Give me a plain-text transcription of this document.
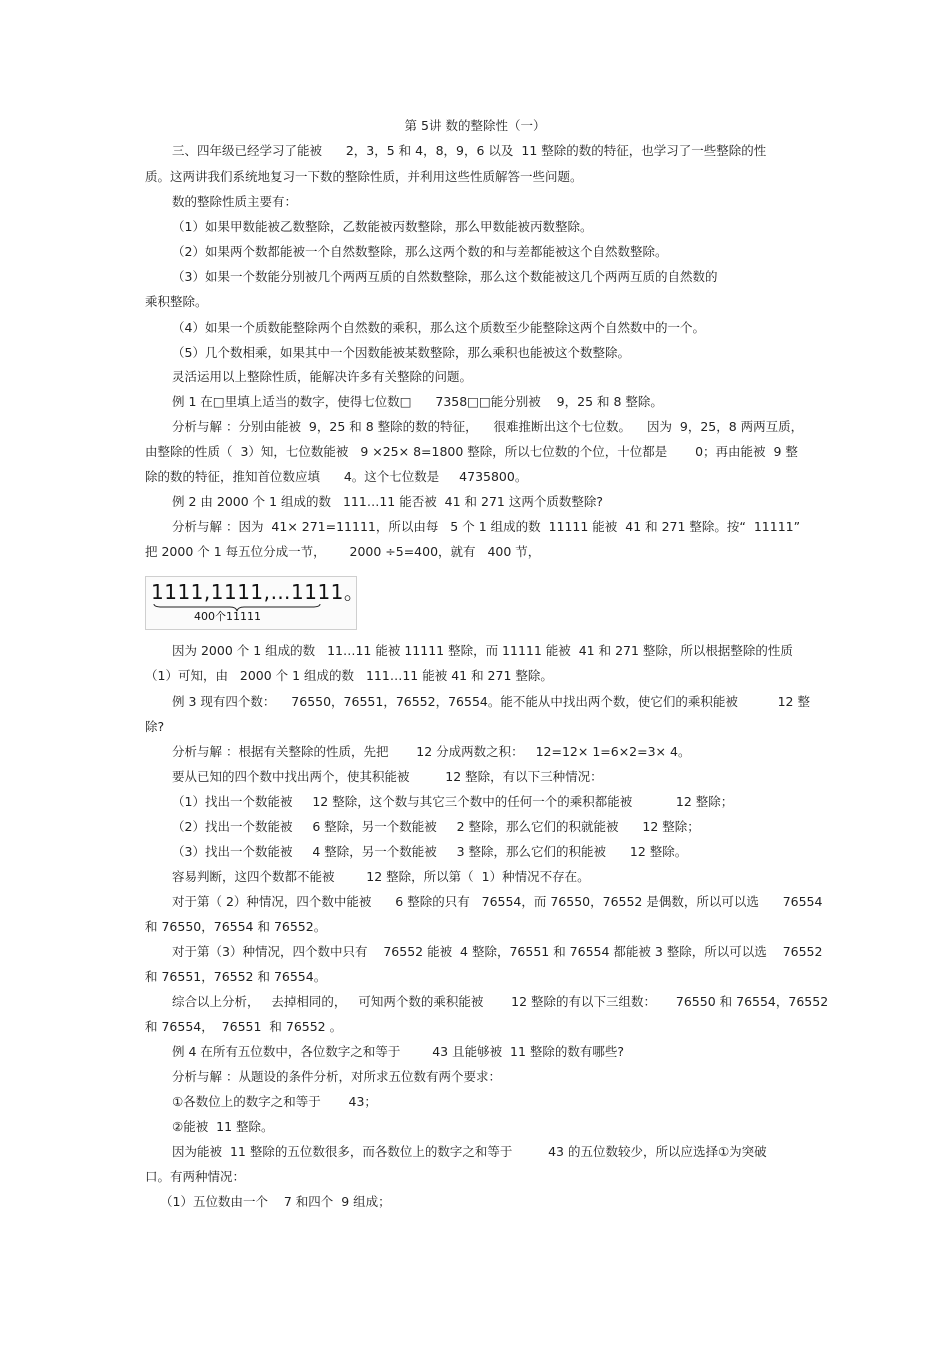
第 5讲 数的整除性（一）
三、四年级已经学习了能被      2，3，5 和 4，8，9，6 以及  11 整除的数的特征，也学习了一些整除的性
质。这两讲我们系统地复习一下数的整除性质，并利用这些性质解答一些问题。
数的整除性质主要有：
（1）如果甲数能被乙数整除，乙数能被丙数整除，那么甲数能被丙数整除。
（2）如果两个数都能被一个自然数整除，那么这两个数的和与差都能被这个自然数整除。
（3）如果一个数能分别被几个两两互质的自然数整除，那么这个数能被这几个两两互质的自然数的
乘积整除。
（4）如果一个质数能整除两个自然数的乘积，那么这个质数至少能整除这两个自然数中的一个。
（5）几个数相乘，如果其中一个因数能被某数整除，那么乘积也能被这个数整除。
灵活运用以上整除性质，能解决许多有关整除的问题。
例 1 在□里填上适当的数字，使得七位数□      7358□□能分别被    9，25 和 8 整除。
分析与解 ：分别由能被  9，25 和 8 整除的数的特征，    很难推断出这个七位数。    因为  9，25，8 两两互质，
由整除的性质（  3）知，七位数能被   9 ×25× 8=1800 整除，所以七位数的个位，十位都是       0；再由能被  9 整
除的数的特征，推知首位数应填      4。这个七位数是     4735800。
例 2 由 2000 个 1 组成的数   111…11 能否被  41 和 271 这两个质数整除?
分析与解 ：因为  41× 271=11111，所以由每   5 个 1 组成的数  11111 能被  41 和 271 整除。按“  11111”
把 2000 个 1 每五位分成一节，      2000 ÷5=400，就有   400 节，
1111,1111,…1111。
400个11111
因为 2000 个 1 组成的数   11…11 能被 11111 整除，而 11111 能被  41 和 271 整除，所以根据整除的性质
（1）可知，由   2000 个 1 组成的数   111…11 能被 41 和 271 整除。
例 3 现有四个数：    76550，76551，76552，76554。能不能从中找出两个数，使它们的乘积能被          12 整
除?
分析与解 ：根据有关整除的性质，先把       12 分成两数之积：   12=12× 1=6×2=3× 4。
要从已知的四个数中找出两个，使其积能被         12 整除，有以下三种情况：
（1）找出一个数能被     12 整除，这个数与其它三个数中的任何一个的乘积都能被           12 整除；
（2）找出一个数能被     6 整除，另一个数能被     2 整除，那么它们的积就能被      12 整除；
（3）找出一个数能被     4 整除，另一个数能被     3 整除，那么它们的积能被      12 整除。
容易判断，这四个数都不能被        12 整除，所以第（  1）种情况不存在。
对于第（ 2）种情况，四个数中能被      6 整除的只有   76554，而 76550，76552 是偶数，所以可以选      76554
和 76550，76554 和 76552。
对于第（3）种情况，四个数中只有    76552 能被  4 整除，76551 和 76554 都能被 3 整除，所以可以选    76552
和 76551，76552 和 76554。
综合以上分析，   去掉相同的，   可知两个数的乘积能被       12 整除的有以下三组数：     76550 和 76554，76552
和 76554，  76551  和 76552 。
例 4 在所有五位数中，各位数字之和等于        43 且能够被  11 整除的数有哪些?
分析与解 ：从题设的条件分析，对所求五位数有两个要求：
①各数位上的数字之和等于       43；
②能被  11 整除。
因为能被  11 整除的五位数很多，而各数位上的数字之和等于         43 的五位数较少，所以应选择①为突破
口。有两种情况：
（1）五位数由一个    7 和四个  9 组成；
